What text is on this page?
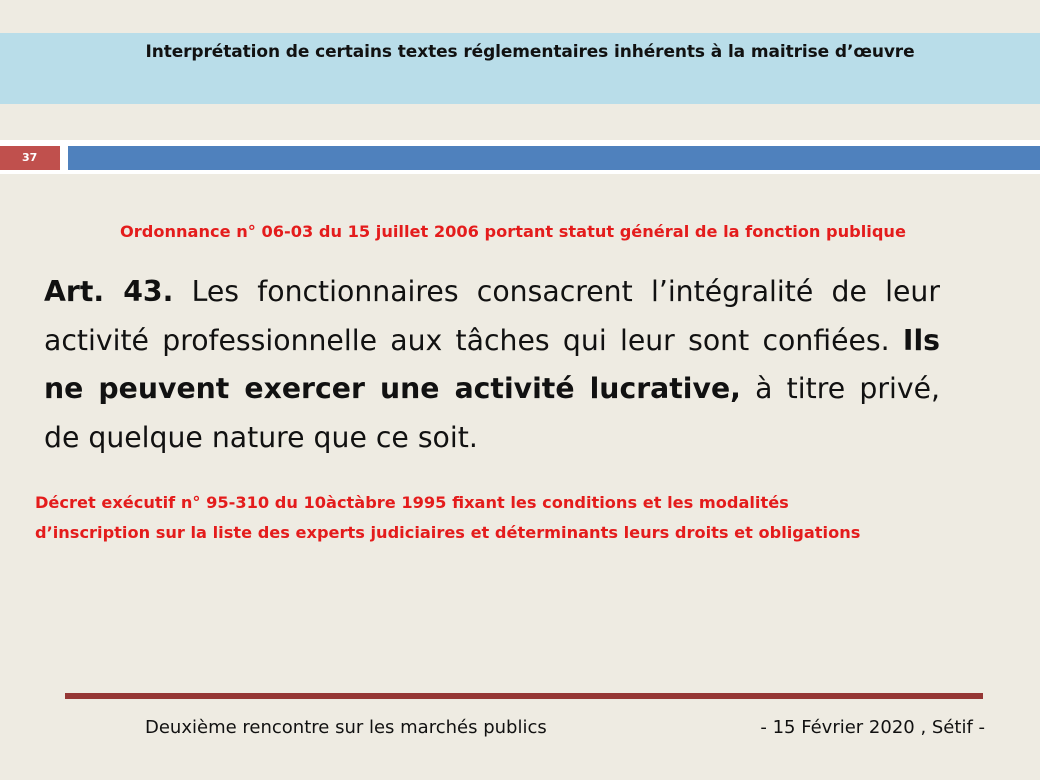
Interprétation de certains textes réglementaires inhérents à la maitrise d’œuvre
37
Ordonnance n° 06-03 du 15 juillet 2006 portant statut général de la fonction publique

Art. 43. Les fonctionnaires consacrent l’intégralité de leur activité professionnelle aux tâches qui leur sont confiées. Ils ne peuvent exercer une activité lucrative, à titre privé, de quelque nature que ce soit.

Décret exécutif n° 95-310 du 10àctàbre 1995 fixant les conditions et les modalités
d’inscription sur la liste des experts judiciaires et déterminants leurs droits et obligations
Deuxième rencontre sur les marchés publics	- 15 Février 2020 , Sétif -
